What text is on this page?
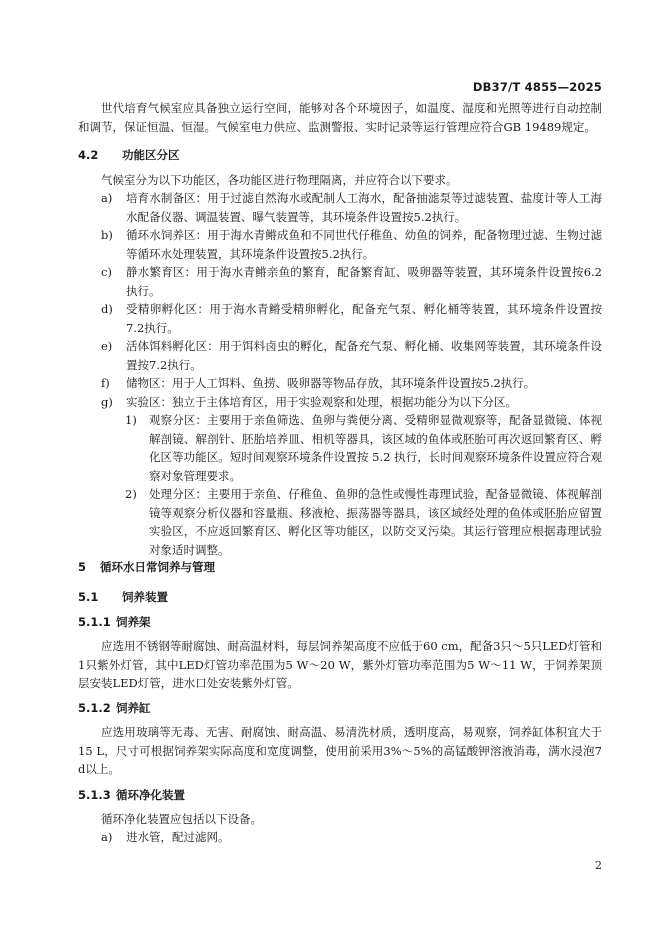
DB37/T 4855—2025
世代培育气候室应具备独立运行空间，能够对各个环境因子，如温度、湿度和光照等进行自动控制和调节，保证恒温、恒湿。气候室电力供应、监测警报、实时记录等运行管理应符合GB 19489规定。
4.2 功能区分区
气候室分为以下功能区，各功能区进行物理隔离，并应符合以下要求。
a)	培育水制备区：用于过滤自然海水或配制人工海水，配备抽滤泵等过滤装置、盐度计等人工海水配备仪器、调温装置、曝气装置等，其环境条件设置按5.2执行。
b)	循环水饲养区：用于海水青鳉成鱼和不同世代仔稚鱼、幼鱼的饲养，配备物理过滤、生物过滤等循环水处理装置，其环境条件设置按5.2执行。
c)	静水繁育区：用于海水青鳉亲鱼的繁育，配备繁育缸、吸卵器等装置，其环境条件设置按6.2执行。
d)	受精卵孵化区：用于海水青鳉受精卵孵化，配备充气泵、孵化桶等装置，其环境条件设置按7.2执行。
e)	活体饵料孵化区：用于饵料卤虫的孵化，配备充气泵、孵化桶、收集网等装置，其环境条件设置按7.2执行。
f)	储物区：用于人工饵料、鱼捞、吸卵器等物品存放，其环境条件设置按5.2执行。
g)	实验区：独立于主体培育区，用于实验观察和处理，根据功能分为以下分区。
1)	观察分区：主要用于亲鱼筛选、鱼卵与粪便分离、受精卵显微观察等，配备显微镜、体视解剖镜、解剖针、胚胎培养皿、相机等器具，该区域的鱼体或胚胎可再次返回繁育区、孵化区等功能区。短时间观察环境条件设置按 5.2 执行，长时间观察环境条件设置应符合观察对象管理要求。
2)	处理分区：主要用于亲鱼、仔稚鱼、鱼卵的急性或慢性毒理试验，配备显微镜、体视解剖镜等观察分析仪器和容量瓶、移液枪、振荡器等器具，该区域经处理的鱼体或胚胎应留置实验区，不应返回繁育区、孵化区等功能区，以防交叉污染。其运行管理应根据毒理试验对象适时调整。
5 循环水日常饲养与管理
5.1 饲养装置
5.1.1 饲养架
应选用不锈钢等耐腐蚀、耐高温材料，每层饲养架高度不应低于60 cm，配备3只～5只LED灯管和1只紫外灯管，其中LED灯管功率范围为5 W～20 W，紫外灯管功率范围为5 W～11 W，于饲养架顶层安装LED灯管，进水口处安装紫外灯管。
5.1.2 饲养缸
应选用玻璃等无毒、无害、耐腐蚀、耐高温、易清洗材质，透明度高，易观察，饲养缸体积宜大于15 L，尺寸可根据饲养架实际高度和宽度调整，使用前采用3%～5%的高锰酸钾溶液消毒，满水浸泡7 d以上。
5.1.3 循环净化装置
循环净化装置应包括以下设备。
a)	进水管，配过滤网。
2
